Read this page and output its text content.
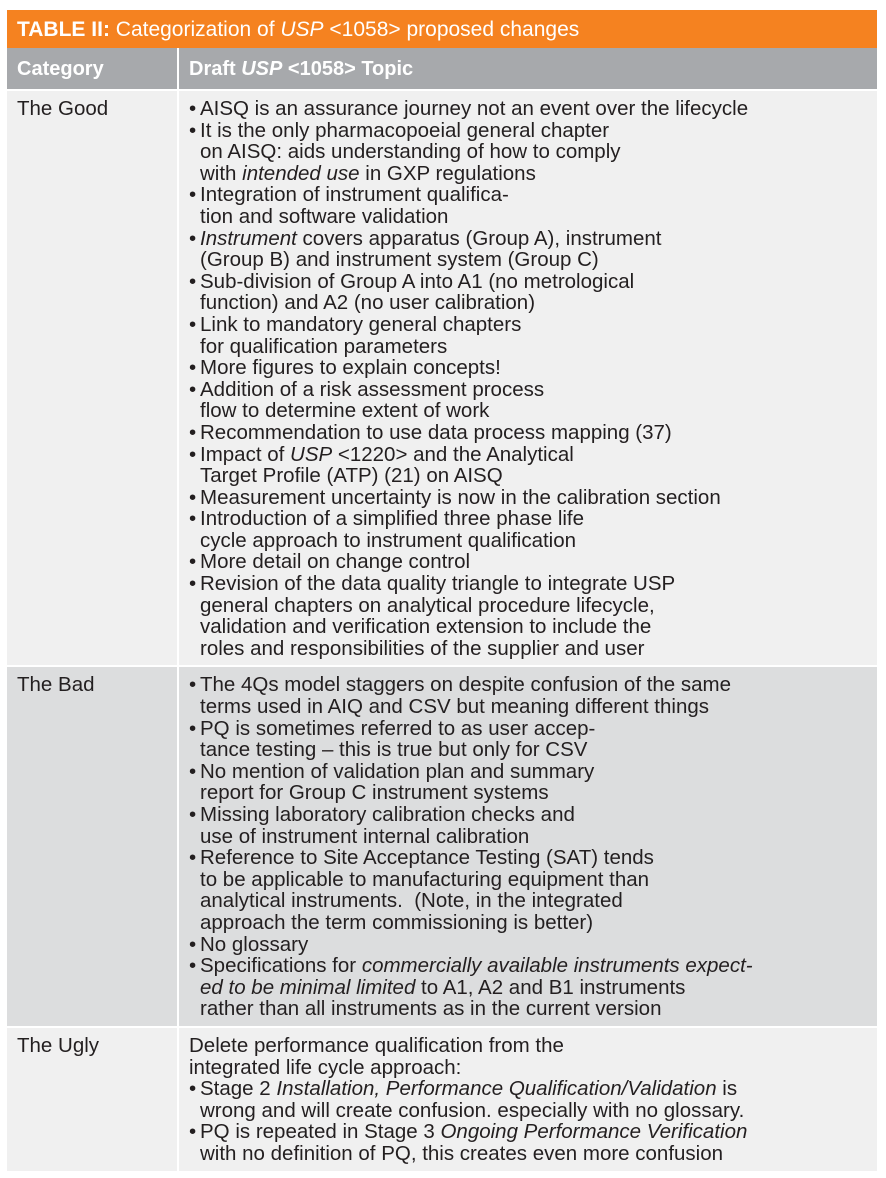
TABLE II: Categorization of USP <1058> proposed changes
Category	Draft USP <1058> Topic
The Good	• AISQ is an assurance journey not an event over the lifecycle
• It is the only pharmacopoeial general chapter
on AISQ: aids understanding of how to comply
with intended use in GXP regulations
• Integration of instrument qualifica-
tion and software validation
• Instrument covers apparatus (Group A), instrument
(Group B) and instrument system (Group C)
• Sub-division of Group A into A1 (no metrological
function) and A2 (no user calibration)
• Link to mandatory general chapters
for qualification parameters
• More figures to explain concepts!
• Addition of a risk assessment process
flow to determine extent of work
• Recommendation to use data process mapping (37)
• Impact of USP <1220> and the Analytical
Target Profile (ATP) (21) on AISQ
• Measurement uncertainty is now in the calibration section
• Introduction of a simplified three phase life
cycle approach to instrument qualification
• More detail on change control
• Revision of the data quality triangle to integrate USP
general chapters on analytical procedure lifecycle,
validation and verification extension to include the
roles and responsibilities of the supplier and user
The Bad	• The 4Qs model staggers on despite confusion of the same
terms used in AIQ and CSV but meaning different things
• PQ is sometimes referred to as user accep-
tance testing – this is true but only for CSV
• No mention of validation plan and summary
report for Group C instrument systems
• Missing laboratory calibration checks and
use of instrument internal calibration
• Reference to Site Acceptance Testing (SAT) tends
to be applicable to manufacturing equipment than
analytical instruments.  (Note, in the integrated
approach the term commissioning is better)
• No glossary
• Specifications for commercially available instruments expect-
ed to be minimal limited to A1, A2 and B1 instruments
rather than all instruments as in the current version
The Ugly	Delete performance qualification from the
integrated life cycle approach:
• Stage 2 Installation, Performance Qualification/Validation is
wrong and will create confusion. especially with no glossary.
• PQ is repeated in Stage 3 Ongoing Performance Verification
with no definition of PQ, this creates even more confusion
